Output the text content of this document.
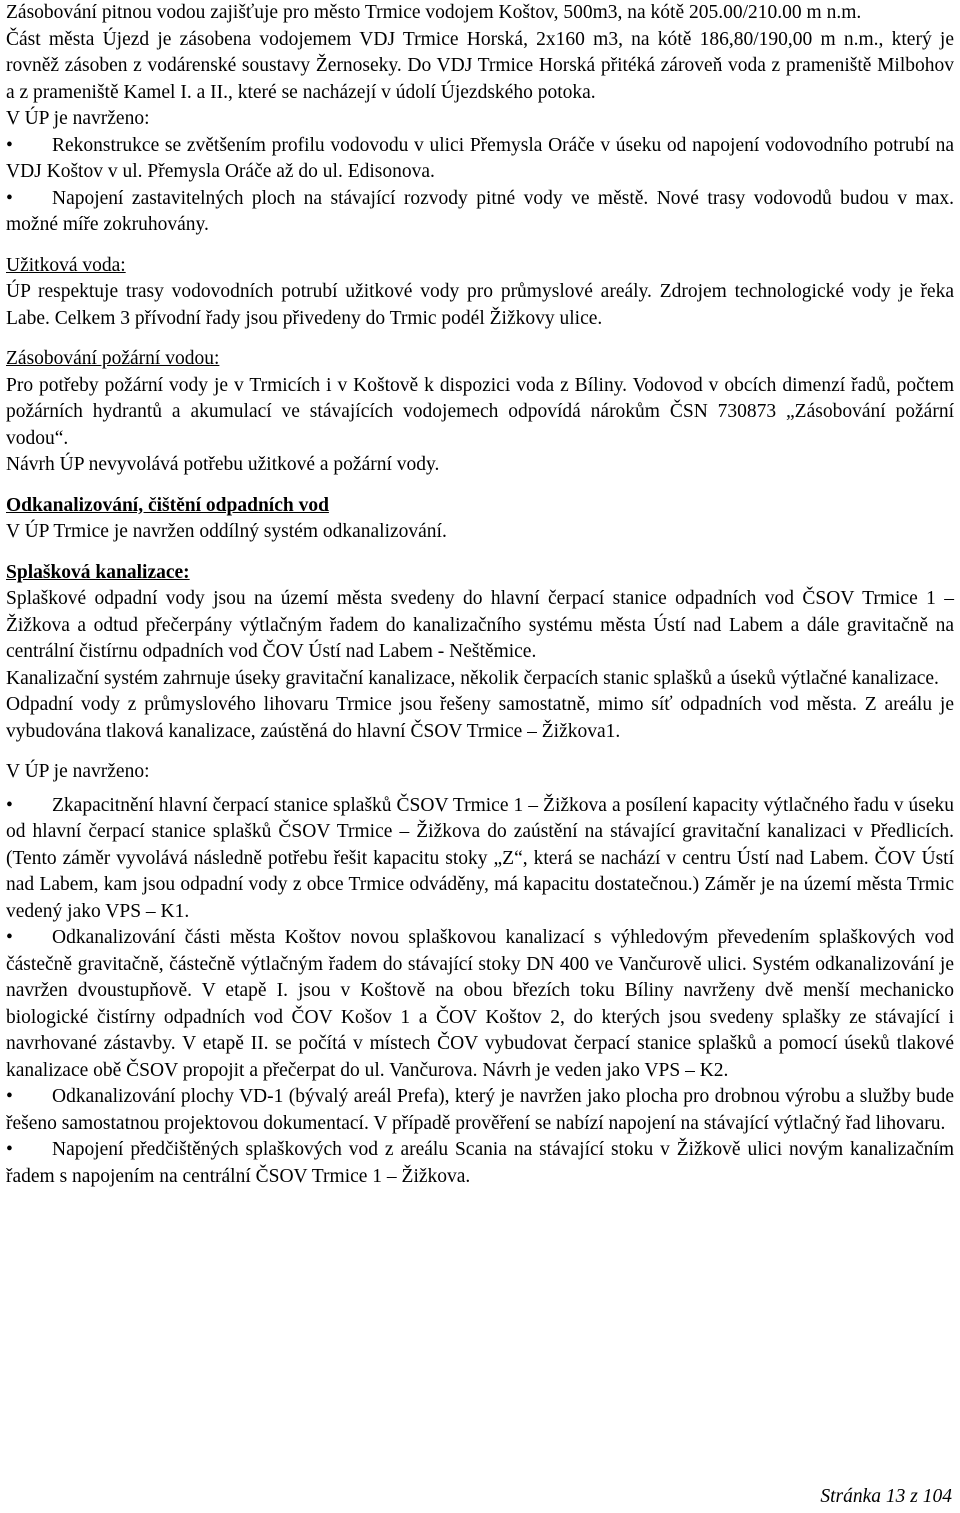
Zásobování pitnou vodou zajišťuje pro město Trmice vodojem Koštov, 500m3, na kótě 205.00/210.00 m n.m.

Část města Újezd je zásobena vodojemem VDJ Trmice Horská, 2x160 m3, na kótě 186,80/190,00 m n.m., který je rovněž zásoben z vodárenské soustavy Žernoseky. Do VDJ Trmice Horská přitéká zároveň voda z prameniště Milbohov a z prameniště Kamel I. a II., které se nacházejí v údolí Újezdského potoka.

V ÚP je navrženo:

•	Rekonstrukce se zvětšením profilu vodovodu v ulici Přemysla Oráče v úseku od napojení vodovodního potrubí na VDJ Koštov v ul. Přemysla Oráče až do ul. Edisonova.
•	Napojení zastavitelných ploch na stávající rozvody pitné vody ve městě. Nové trasy vodovodů budou v max. možné míře zokruhovány.

Užitková voda:

ÚP respektuje trasy vodovodních potrubí užitkové vody pro průmyslové areály. Zdrojem technologické vody je řeka Labe. Celkem 3 přívodní řady jsou přivedeny do Trmic podél Žižkovy ulice.

Zásobování požární vodou:

Pro potřeby požární vody je v Trmicích i v Koštově k dispozici voda z Bíliny. Vodovod v obcích dimenzí řadů, počtem požárních hydrantů a akumulací ve stávajících vodojemech odpovídá nárokům ČSN 730873 „Zásobování požární vodou“.

Návrh ÚP nevyvolává potřebu užitkové a požární vody.

Odkanalizování, čištění odpadních vod

V ÚP Trmice je navržen oddílný systém odkanalizování.

Splašková kanalizace:

Splaškové odpadní vody jsou na území města svedeny do hlavní čerpací stanice odpadních vod ČSOV Trmice 1 – Žižkova a odtud přečerpány výtlačným řadem do kanalizačního systému města Ústí nad Labem a dále gravitačně na centrální čistírnu odpadních vod ČOV Ústí nad Labem - Neštěmice.

Kanalizační systém zahrnuje úseky gravitační kanalizace, několik čerpacích stanic splašků a úseků výtlačné kanalizace.

Odpadní vody z průmyslového lihovaru Trmice jsou řešeny samostatně, mimo síť odpadních vod města. Z areálu je vybudována tlaková kanalizace, zaústěná do hlavní ČSOV Trmice – Žižkova1.

V ÚP je navrženo:

•	Zkapacitnění hlavní čerpací stanice splašků ČSOV Trmice 1 – Žižkova a posílení kapacity výtlačného řadu v úseku od hlavní čerpací stanice splašků ČSOV Trmice – Žižkova do zaústění na stávající gravitační kanalizaci v Předlicích. (Tento záměr vyvolává následně potřebu řešit kapacitu stoky „Z“, která se nachází v centru Ústí nad Labem. ČOV Ústí nad Labem, kam jsou odpadní vody z obce Trmice odváděny, má kapacitu dostatečnou.) Záměr je na území města Trmic vedený jako VPS – K1.
•	Odkanalizování části města Koštov novou splaškovou kanalizací s výhledovým převedením splaškových vod částečně gravitačně, částečně výtlačným řadem do stávající stoky DN 400 ve Vančurově ulici. Systém odkanalizování je navržen dvoustupňově. V etapě I. jsou v Koštově na obou březích toku Bíliny navrženy dvě menší mechanicko biologické čistírny odpadních vod ČOV Košov 1 a ČOV Koštov 2, do kterých jsou svedeny splašky ze stávající i navrhované zástavby. V etapě II. se počítá v místech ČOV vybudovat čerpací stanice splašků a pomocí úseků tlakové kanalizace obě ČSOV propojit a přečerpat do ul. Vančurova. Návrh je veden jako VPS – K2.
•	Odkanalizování plochy VD-1 (bývalý areál Prefa), který je navržen jako plocha pro drobnou výrobu a služby bude řešeno samostatnou projektovou dokumentací. V případě prověření se nabízí napojení na stávající výtlačný řad lihovaru.
•	Napojení předčištěných splaškových vod z areálu Scania na stávající stoku v Žižkově ulici novým kanalizačním řadem s napojením na centrální ČSOV Trmice 1 – Žižkova.
Stránka 13 z 104
